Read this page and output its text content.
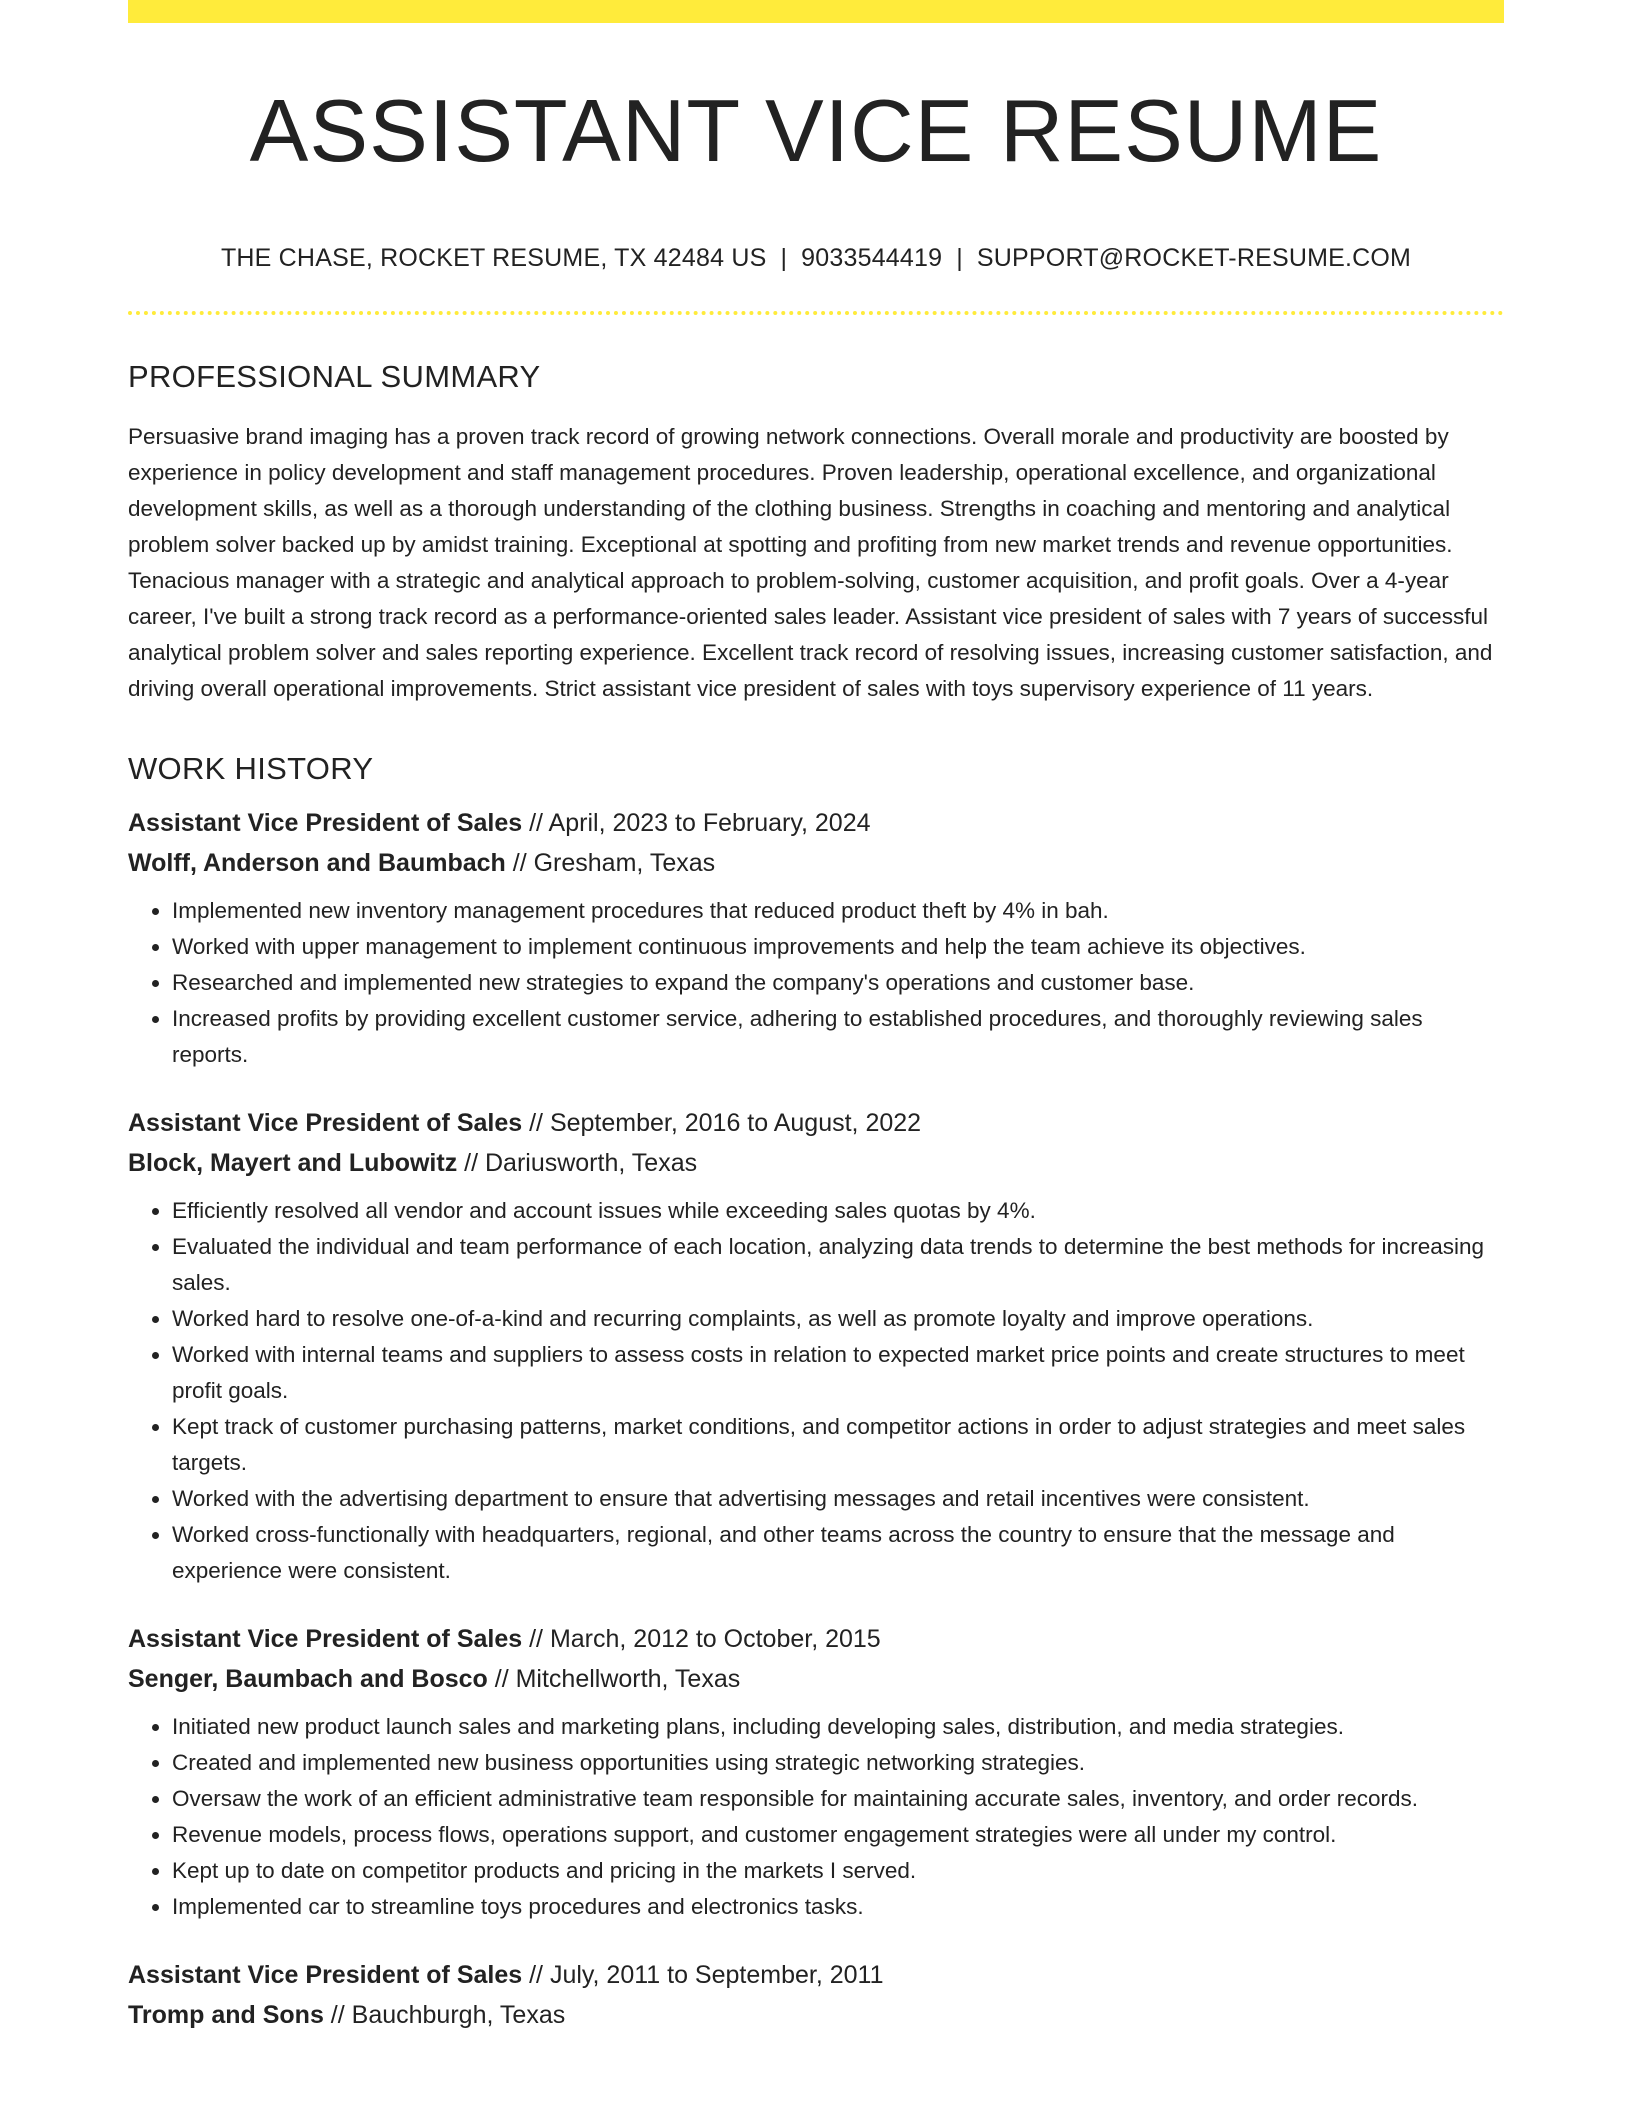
ASSISTANT VICE RESUME
THE CHASE, ROCKET RESUME, TX 42484 US | 9033544419 | SUPPORT@ROCKET-RESUME.COM
PROFESSIONAL SUMMARY
Persuasive brand imaging has a proven track record of growing network connections. Overall morale and productivity are boosted by experience in policy development and staff management procedures. Proven leadership, operational excellence, and organizational development skills, as well as a thorough understanding of the clothing business. Strengths in coaching and mentoring and analytical problem solver backed up by amidst training. Exceptional at spotting and profiting from new market trends and revenue opportunities. Tenacious manager with a strategic and analytical approach to problem-solving, customer acquisition, and profit goals. Over a 4-year career, I've built a strong track record as a performance-oriented sales leader. Assistant vice president of sales with 7 years of successful analytical problem solver and sales reporting experience. Excellent track record of resolving issues, increasing customer satisfaction, and driving overall operational improvements. Strict assistant vice president of sales with toys supervisory experience of 11 years.
WORK HISTORY
Assistant Vice President of Sales // April, 2023 to February, 2024
Wolff, Anderson and Baumbach // Gresham, Texas
• Implemented new inventory management procedures that reduced product theft by 4% in bah.
• Worked with upper management to implement continuous improvements and help the team achieve its objectives.
• Researched and implemented new strategies to expand the company's operations and customer base.
• Increased profits by providing excellent customer service, adhering to established procedures, and thoroughly reviewing sales reports.
Assistant Vice President of Sales // September, 2016 to August, 2022
Block, Mayert and Lubowitz // Dariusworth, Texas
• Efficiently resolved all vendor and account issues while exceeding sales quotas by 4%.
• Evaluated the individual and team performance of each location, analyzing data trends to determine the best methods for increasing sales.
• Worked hard to resolve one-of-a-kind and recurring complaints, as well as promote loyalty and improve operations.
• Worked with internal teams and suppliers to assess costs in relation to expected market price points and create structures to meet profit goals.
• Kept track of customer purchasing patterns, market conditions, and competitor actions in order to adjust strategies and meet sales targets.
• Worked with the advertising department to ensure that advertising messages and retail incentives were consistent.
• Worked cross-functionally with headquarters, regional, and other teams across the country to ensure that the message and experience were consistent.
Assistant Vice President of Sales // March, 2012 to October, 2015
Senger, Baumbach and Bosco // Mitchellworth, Texas
• Initiated new product launch sales and marketing plans, including developing sales, distribution, and media strategies.
• Created and implemented new business opportunities using strategic networking strategies.
• Oversaw the work of an efficient administrative team responsible for maintaining accurate sales, inventory, and order records.
• Revenue models, process flows, operations support, and customer engagement strategies were all under my control.
• Kept up to date on competitor products and pricing in the markets I served.
• Implemented car to streamline toys procedures and electronics tasks.
Assistant Vice President of Sales // July, 2011 to September, 2011
Tromp and Sons // Bauchburgh, Texas
